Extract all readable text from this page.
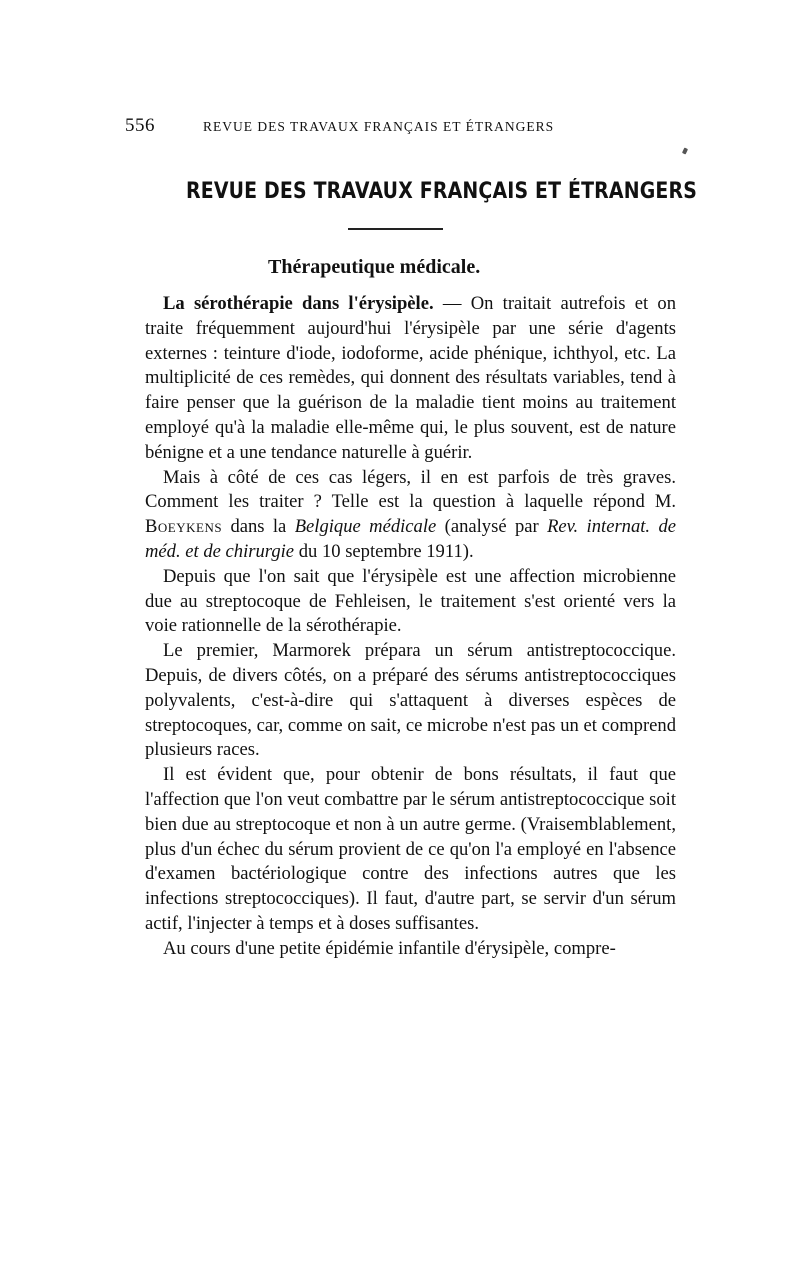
556	REVUE DES TRAVAUX FRANÇAIS ET ÉTRANGERS
REVUE DES TRAVAUX FRANÇAIS ET ÉTRANGERS
Thérapeutique médicale.

La sérothérapie dans l'érysipèle. — On traitait autrefois et on traite fréquemment aujourd'hui l'érysipèle par une série d'agents externes : teinture d'iode, iodoforme, acide phénique, ichthyol, etc. La multiplicité de ces remèdes, qui donnent des résultats variables, tend à faire penser que la guérison de la maladie tient moins au traitement employé qu'à la maladie elle-même qui, le plus souvent, est de nature bénigne et a une tendance naturelle à guérir.

Mais à côté de ces cas légers, il en est parfois de très graves. Comment les traiter ? Telle est la question à laquelle répond M. Boeykens dans la Belgique médicale (analysé par Rev. internat. de méd. et de chirurgie du 10 septembre 1911).

Depuis que l'on sait que l'érysipèle est une affection microbienne due au streptocoque de Fehleisen, le traitement s'est orienté vers la voie rationnelle de la sérothérapie.

Le premier, Marmorek prépara un sérum antistreptococcique. Depuis, de divers côtés, on a préparé des sérums antistreptococciques polyvalents, c'est-à-dire qui s'attaquent à diverses espèces de streptocoques, car, comme on sait, ce microbe n'est pas un et comprend plusieurs races.

Il est évident que, pour obtenir de bons résultats, il faut que l'affection que l'on veut combattre par le sérum antistreptococcique soit bien due au streptocoque et non à un autre germe. (Vraisemblablement, plus d'un échec du sérum provient de ce qu'on l'a employé en l'absence d'examen bactériologique contre des infections autres que les infections streptococciques). Il faut, d'autre part, se servir d'un sérum actif, l'injecter à temps et à doses suffisantes.

Au cours d'une petite épidémie infantile d'érysipèle, compre-
